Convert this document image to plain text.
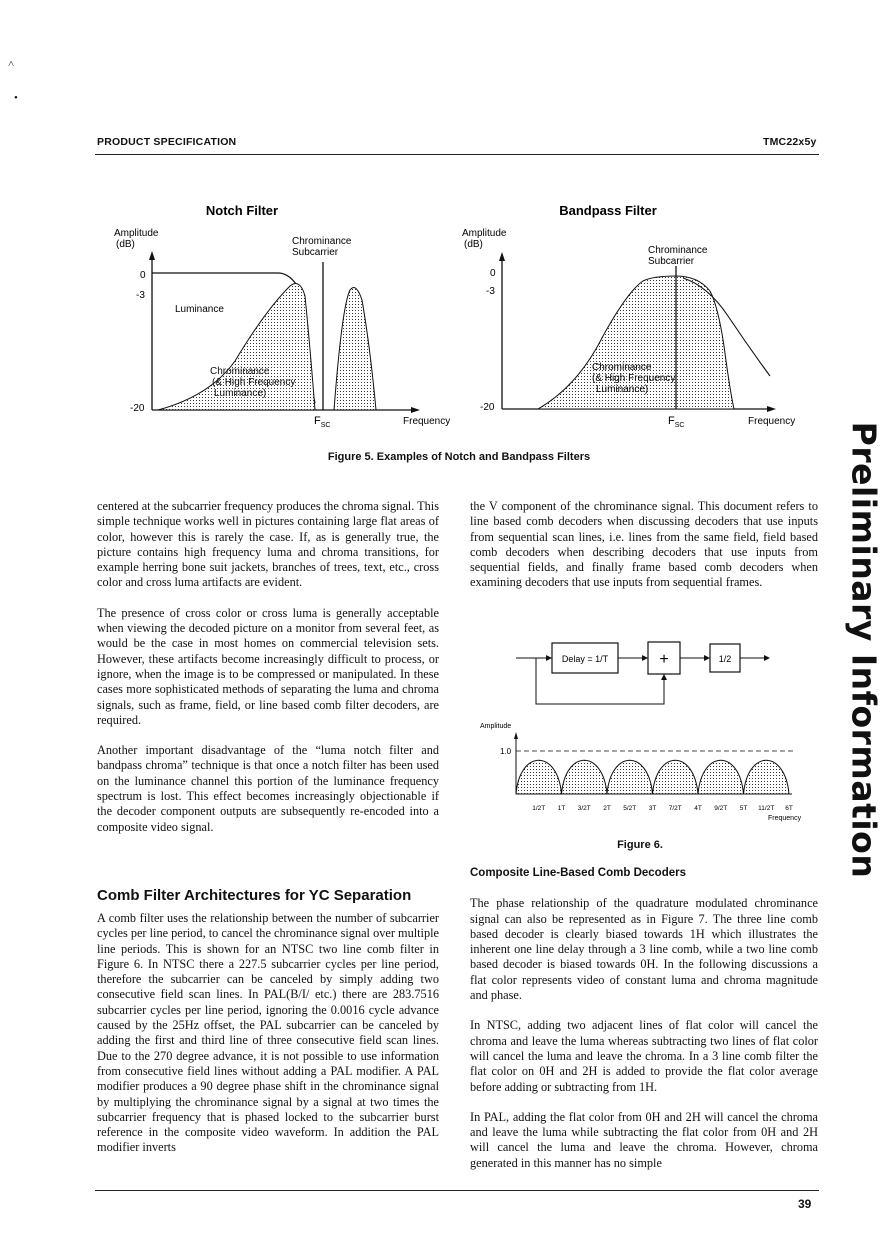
˄
•
PRODUCT SPECIFICATION	TMC22x5y
Notch Filter
Amplitude
(dB)
0
-3
-20
Luminance
Chrominance
Subcarrier
Chrominance
(& High Frequency
Luminance)
$F_{SC}$	Frequency
Bandpass Filter
Amplitude
(dB)
0
-3
-20
Chrominance
Subcarrier
Chrominance
(& High Frequency
Luminance)
$F_{SC}$	Frequency
Figure 5. Examples of Notch and Bandpass Filters

centered at the subcarrier frequency produces the chroma signal. This simple technique works well in pictures containing large flat areas of color, however this is rarely the case. If, as is generally true, the picture contains high frequency luma and chroma transitions, for example herring bone suit jackets, branches of trees, text, etc., cross color and cross luma artifacts are evident.

The presence of cross color or cross luma is generally acceptable when viewing the decoded picture on a monitor from several feet, as would be the case in most homes on commercial television sets. However, these artifacts become increasingly difficult to process, or ignore, when the image is to be compressed or manipulated. In these cases more sophisticated methods of separating the luma and chroma signals, such as frame, field, or line based comb filter decoders, are required.

Another important disadvantage of the “luma notch filter and bandpass chroma” technique is that once a notch filter has been used on the luminance channel this portion of the luminance frequency spectrum is lost. This effect becomes increasingly objectionable if the decoder component outputs are subsequently re-encoded into a composite video signal.

Comb Filter Architectures for YC Separation

A comb filter uses the relationship between the number of subcarrier cycles per line period, to cancel the chrominance signal over multiple line periods. This is shown for an NTSC two line comb filter in Figure 6. In NTSC there a 227.5 subcarrier cycles per line period, therefore the subcarrier can be canceled by simply adding two consecutive field scan lines. In PAL(B/I/ etc.) there are 283.7516 subcarrier cycles per line period, ignoring the 0.0016 cycle advance caused by the 25Hz offset, the PAL subcarrier can be canceled by adding the first and third line of three consecutive field scan lines. Due to the 270 degree advance, it is not possible to use information from consecutive field lines without adding a PAL modifier. A PAL modifier produces a 90 degree phase shift in the chrominance signal by multiplying the chrominance signal by a signal at two times the subcarrier frequency that is phased locked to the subcarrier burst reference in the composite video waveform. In addition the PAL modifier inverts

the V component of the chrominance signal. This document refers to line based comb decoders when discussing decoders that use inputs from sequential scan lines, i.e. lines from the same field, field based comb decoders when describing decoders that use inputs from sequential fields, and finally frame based comb decoders when examining decoders that use inputs from sequential frames.

Delay = 1/T	+	1/2
Amplitude
1.0
1/2T 1T 3/2T 2T 5/2T 3T 7/2T 4T 9/2T 5T 11/2T 6T
Frequency
Figure 6.

Composite Line-Based Comb Decoders

The phase relationship of the quadrature modulated chrominance signal can also be represented as in Figure 7. The three line comb based decoder is clearly biased towards 1H which illustrates the inherent one line delay through a 3 line comb, while a two line comb based decoder is biased towards 0H. In the following discussions a flat color represents video of constant luma and chroma magnitude and phase.

In NTSC, adding two adjacent lines of flat color will cancel the chroma and leave the luma whereas subtracting two lines of flat color will cancel the luma and leave the chroma. In a 3 line comb filter the flat color on 0H and 2H is added to provide the flat color average before adding or subtracting from 1H.

In PAL, adding the flat color from 0H and 2H will cancel the chroma and leave the luma while subtracting the flat color from 0H and 2H will cancel the luma and leave the chroma. However, chroma generated in this manner has no simple

Preliminary Information
39
